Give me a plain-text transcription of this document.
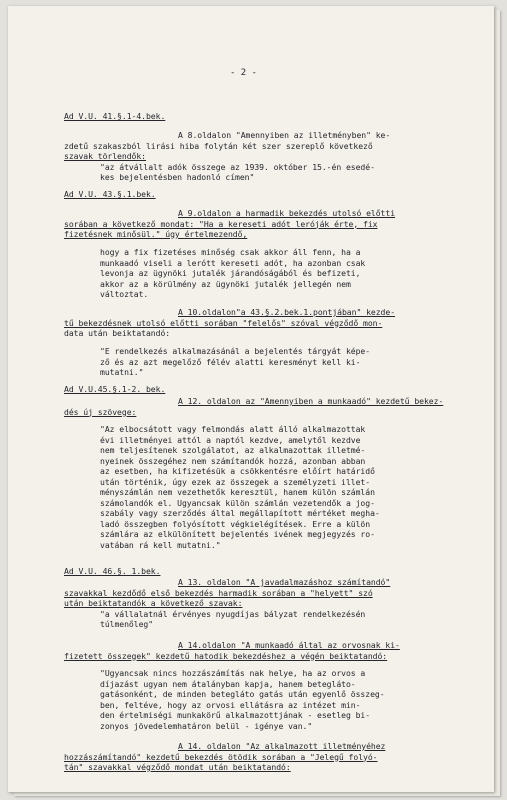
- 2 -

Ad V.U. 41.§.1-4.bek.

A 8.oldalon "Amennyiben az illetményben" ke-

zdetű szakaszból lirási hiba folytán két szer szereplő következő

szavak törlendők:

"az átvállalt adók összege az 1939. október 15.-én esedé-

kes bejelentésben hadonló címen"

Ad V.U. 43.§.1.bek.

A 9.oldalon a harmadik bekezdés utolsó előtti

sorában a következő mondat: "Ha a kereseti adót leróják érte, fix

fizetésnek minősül." úgy értelmezendő,

hogy a fix fizetéses minőség csak akkor áll fenn, ha a

munkaadó viseli a lerótt kereseti adót, ha azonban csak

levonja az ügynöki jutalék járandóságából és befizeti,

akkor az a körülmény az ügynöki jutalék jellegén nem

változtat.

A 10.oldalon"a 43.§.2.bek.1.pontjában" kezde-

tű bekezdésnek utolsó előtti sorában "felelős" szóval végződő mon-

data után beiktatandó:

"E rendelkezés alkalmazásánál a bejelentés tárgyát képe-

ző és az azt megelőző félév alatti keresményt kell ki-

mutatni."

Ad V.U.45.§.1-2. bek.

A 12. oldalon az "Amennyiben a munkaadó" kezdetű bekez-

dés új szövege:

"Az elbocsátott vagy felmondás alatt álló alkalmazottak

évi illetményei attól a naptól kezdve, amelytől kezdve

nem teljesítenek szolgálatot, az alkalmazottak illetmé-

nyeinek összegéhez nem számítandók hozzá, azonban abban

az esetben, ha kifizetésük a csökkentésre előírt határidő

után történik, úgy ezek az összegek a személyzeti illet-

ményszámlán nem vezethetők keresztül, hanem külön számlán

számolandók el. Ugyancsak külön számlán vezetendők a jog-

szabály vagy szerződés által megállapított mértéket megha-

ladó összegben folyósított végkielégítések. Erre a külön

számlára az elkülönített bejelentés ivének megjegyzés ro-

vatában rá kell mutatni."

Ad V.U. 46.§. 1.bek.

A 13. oldalon "A javadalmazáshoz számítandó"

szavakkal kezdődő első bekezdés harmadik sorában a "helyett" szó

után beiktatandók a következő szavak:

"a vállalatnál érvényes nyugdíjas bályzat rendelkezésén

túlmenőleg"

A 14.oldalon "A munkaadó által az orvosnak ki-

fizetett összegek" kezdetű hatodik bekezdéshez a végén beiktatandó:

"Ugyancsak nincs hozzászámítás nak helye, ha az orvos a

díjazást ugyan nem átalányban kapja, hanem betegláto-

gatásonként, de minden betegláto gatás után egyenlő összeg-

ben, feltéve, hogy az orvosi ellátásra az intézet min-

den értelmiségi munkakörű alkalmazottjának - esetleg bi-

zonyos jövedelemhatáron belül - igénye van."

A 14. oldalon "Az alkalmazott illetményéhez

hozzászámítandó" kezdetű bekezdés ötödik sorában a "Jelegű folyó-

tán" szavakkal végződő mondat után beiktatandó:
